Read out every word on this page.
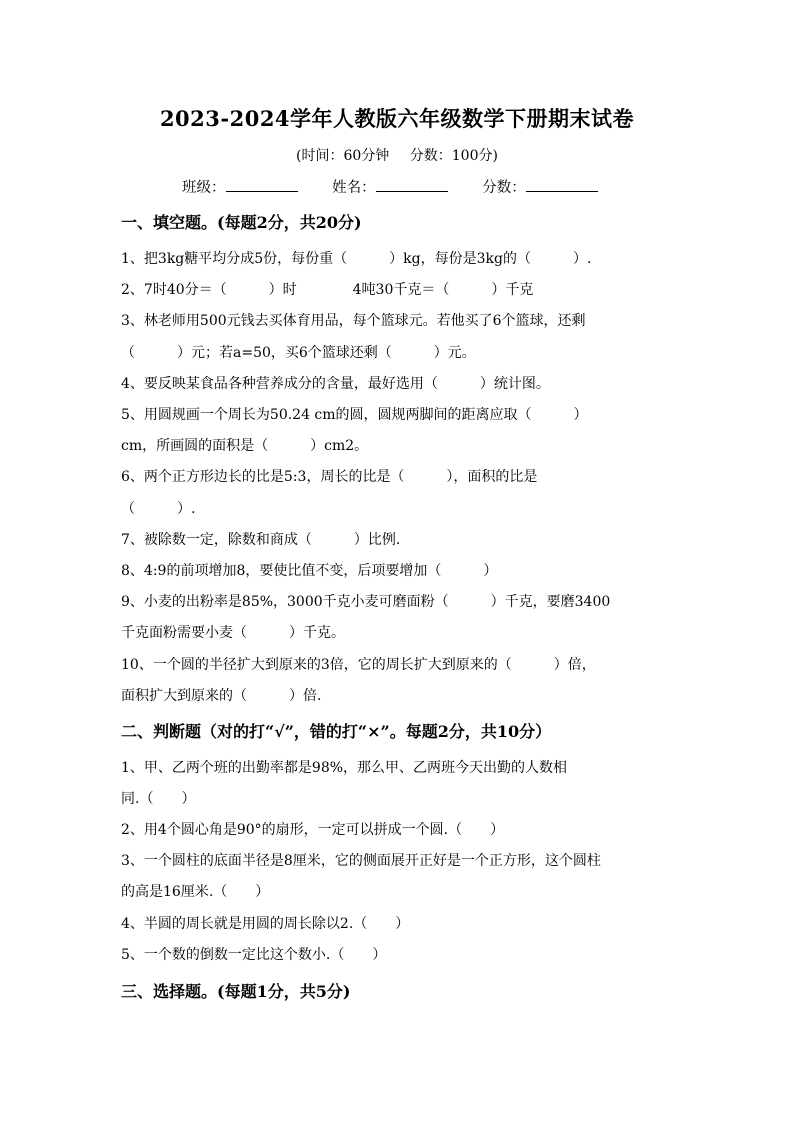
2023-2024学年人教版六年级数学下册期末试卷
(时间：60分钟 分数：100分)
班级：	姓名：	分数：
一、填空题。(每题2分，共20分)
1、把3kg糖平均分成5份，每份重（　　　）kg，每份是3kg的（　　　）.
2、7时40分＝（　　　）时　　　　4吨30千克＝（　　　）千克
3、林老师用500元钱去买体育用品，每个篮球元。若他买了6个篮球，还剩
（　　　）元；若a=50，买6个篮球还剩（　　　）元。
4、要反映某食品各种营养成分的含量，最好选用（　　　）统计图。
5、用圆规画一个周长为50.24 cm的圆，圆规两脚间的距离应取（　　　）
cm，所画圆的面积是（　　　）cm2。
6、两个正方形边长的比是5:3，周长的比是（　　　），面积的比是
（　　　）.
7、被除数一定，除数和商成（　　　）比例.
8、4:9的前项增加8，要使比值不变，后项要增加（　　　）
9、小麦的出粉率是85%，3000千克小麦可磨面粉（　　　）千克，要磨3400
千克面粉需要小麦（　　　）千克。
10、一个圆的半径扩大到原来的3倍，它的周长扩大到原来的（　　　）倍，
面积扩大到原来的（　　　）倍.
二、判断题（对的打“√”，错的打“×”。每题2分，共10分）
1、甲、乙两个班的出勤率都是98%，那么甲、乙两班今天出勤的人数相
同.（　　）
2、用4个圆心角是90°的扇形，一定可以拼成一个圆.（　　）
3、一个圆柱的底面半径是8厘米，它的侧面展开正好是一个正方形，这个圆柱
的高是16厘米.（　　）
4、半圆的周长就是用圆的周长除以2.（　　）
5、一个数的倒数一定比这个数小.（　　）
三、选择题。(每题1分，共5分)
